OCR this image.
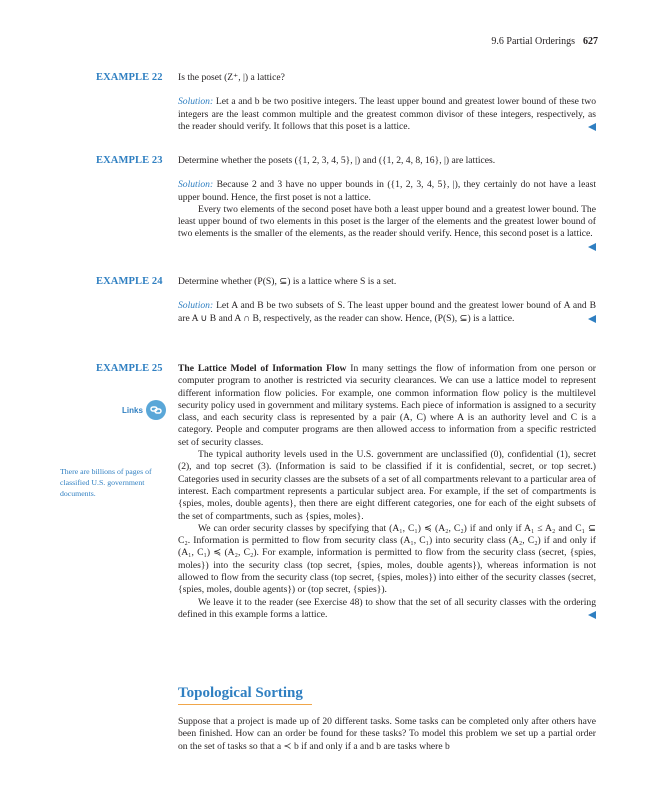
9.6 Partial Orderings 627
EXAMPLE 22	Is the poset (Z⁺, |) a lattice?

Solution: Let a and b be two positive integers. The least upper bound and greatest lower bound of these two integers are the least common multiple and the greatest common divisor of these integers, respectively, as the reader should verify. It follows that this poset is a lattice.

EXAMPLE 23	Determine whether the posets ({1, 2, 3, 4, 5}, |) and ({1, 2, 4, 8, 16}, |) are lattices.

Solution: Because 2 and 3 have no upper bounds in ({1, 2, 3, 4, 5}, |), they certainly do not have a least upper bound. Hence, the first poset is not a lattice.

Every two elements of the second poset have both a least upper bound and a greatest lower bound. The least upper bound of two elements in this poset is the larger of the elements and the greatest lower bound of two elements is the smaller of the elements, as the reader should verify. Hence, this second poset is a lattice.

EXAMPLE 24	Determine whether (P(S), ⊆) is a lattice where S is a set.

Solution: Let A and B be two subsets of S. The least upper bound and the greatest lower bound of A and B are A ∪ B and A ∩ B, respectively, as the reader can show. Hence, (P(S), ⊆) is a lattice.

EXAMPLE 25	The Lattice Model of Information Flow In many settings the flow of information from one person or computer program to another is restricted via security clearances. We can use a lattice model to represent different information flow policies. For example, one common information flow policy is the multilevel security policy used in government and military systems. Each piece of information is assigned to a security class, and each security class is represented by a pair (A, C) where A is an authority level and C is a category. People and computer programs are then allowed access to information from a specific restricted set of security classes.

The typical authority levels used in the U.S. government are unclassified (0), confidential (1), secret (2), and top secret (3). (Information is said to be classified if it is confidential, secret, or top secret.) Categories used in security classes are the subsets of a set of all compartments relevant to a particular area of interest. Each compartment represents a particular subject area. For example, if the set of compartments is {spies, moles, double agents}, then there are eight different categories, one for each of the eight subsets of the set of compartments, such as {spies, moles}.

We can order security classes by specifying that (A₁, C₁) ≼ (A₂, C₂) if and only if A₁ ≤ A₂ and C₁ ⊆ C₂. Information is permitted to flow from security class (A₁, C₁) into security class (A₂, C₂) if and only if (A₁, C₁) ≼ (A₂, C₂). For example, information is permitted to flow from the security class (secret, {spies, moles}) into the security class (top secret, {spies, moles, double agents}), whereas information is not allowed to flow from the security class (top secret, {spies, moles}) into either of the security classes (secret, {spies, moles, double agents}) or (top secret, {spies}).

We leave it to the reader (see Exercise 48) to show that the set of all security classes with the ordering defined in this example forms a lattice.

Links
There are billions of pages of classified U.S. government documents.
Topological Sorting

Suppose that a project is made up of 20 different tasks. Some tasks can be completed only after others have been finished. How can an order be found for these tasks? To model this problem we set up a partial order on the set of tasks so that a ≺ b if and only if a and b are tasks where b
